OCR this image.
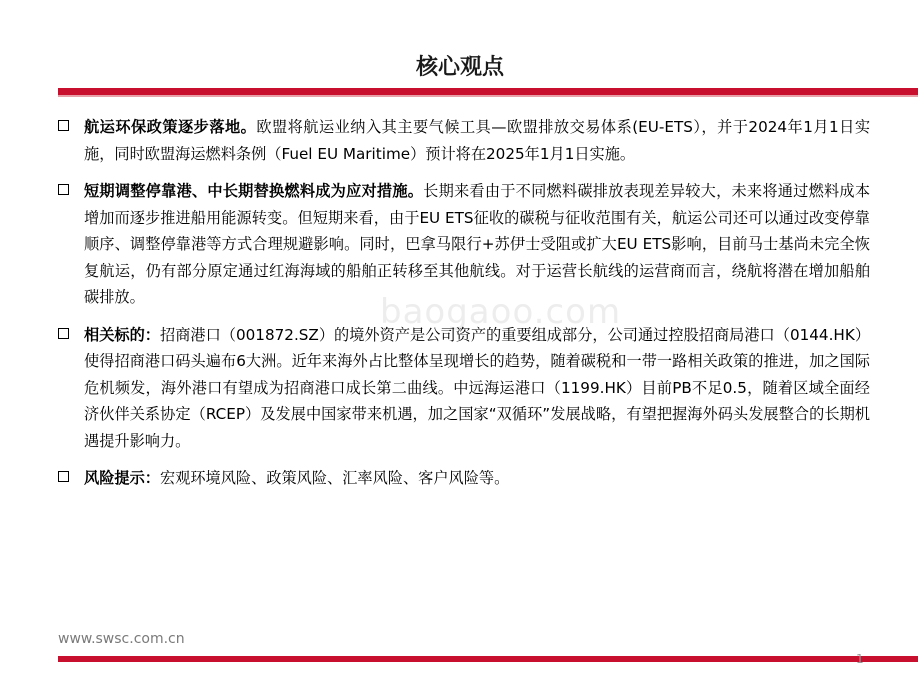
核心观点
baogaoo.com

航运环保政策逐步落地。欧盟将航运业纳入其主要气候工具—欧盟排放交易体系(EU-ETS），并于2024年1月1日实施，同时欧盟海运燃料条例（Fuel EU Maritime）预计将在2025年1月1日实施。

短期调整停靠港、中长期替换燃料成为应对措施。长期来看由于不同燃料碳排放表现差异较大，未来将通过燃料成本增加而逐步推进船用能源转变。但短期来看，由于EU ETS征收的碳税与征收范围有关，航运公司还可以通过改变停靠顺序、调整停靠港等方式合理规避影响。同时，巴拿马限行+苏伊士受阻或扩大EU ETS影响，目前马士基尚未完全恢复航运，仍有部分原定通过红海海域的船舶正转移至其他航线。对于运营长航线的运营商而言，绕航将潜在增加船舶碳排放。

相关标的：招商港口（001872.SZ）的境外资产是公司资产的重要组成部分，公司通过控股招商局港口（0144.HK）使得招商港口码头遍布6大洲。近年来海外占比整体呈现增长的趋势，随着碳税和一带一路相关政策的推进，加之国际危机频发，海外港口有望成为招商港口成长第二曲线。中远海运港口（1199.HK）目前PB不足0.5，随着区域全面经济伙伴关系协定（RCEP）及发展中国家带来机遇，加之国家“双循环”发展战略，有望把握海外码头发展整合的长期机遇提升影响力。

风险提示：宏观环境风险、政策风险、汇率风险、客户风险等。

www.swsc.com.cn
1
